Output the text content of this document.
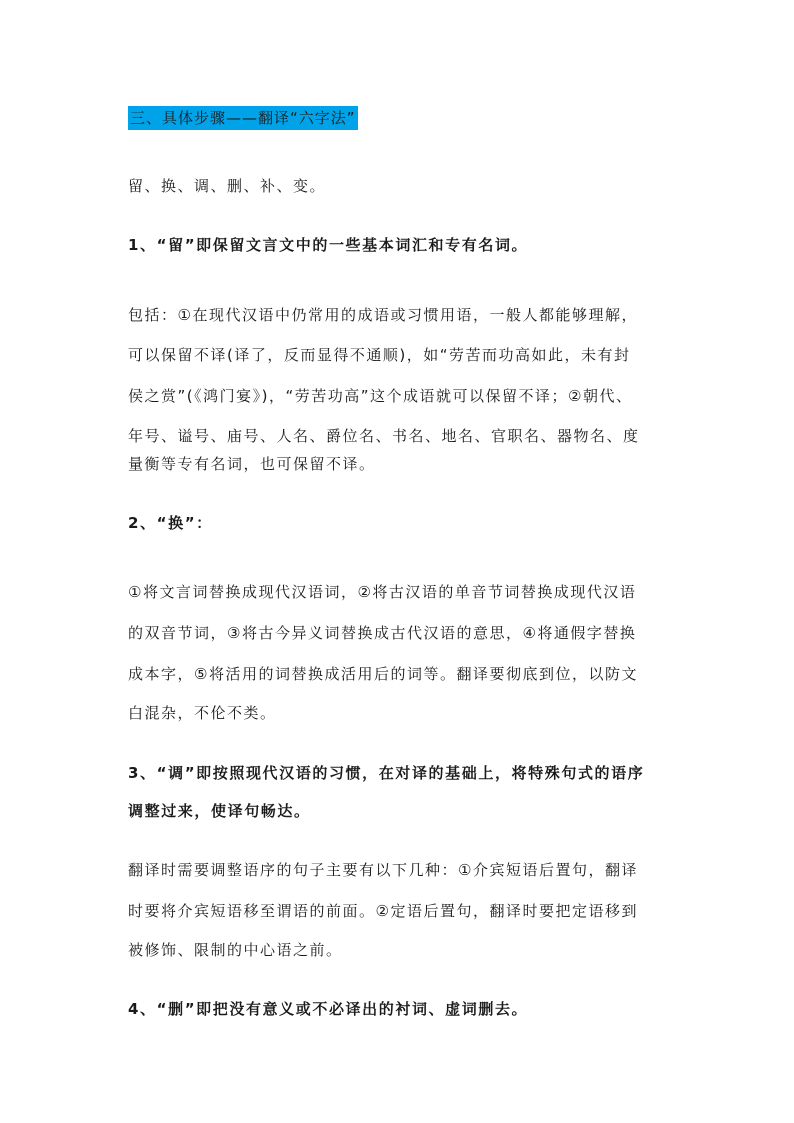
三、具体步骤——翻译“六字法”
留、换、调、删、补、变。
1、“留”即保留文言文中的一些基本词汇和专有名词。
包括：①在现代汉语中仍常用的成语或习惯用语，一般人都能够理解，
可以保留不译(译了，反而显得不通顺)，如“劳苦而功高如此，未有封
侯之赏”(《鸿门宴》)，“劳苦功高”这个成语就可以保留不译；②朝代、
年号、谥号、庙号、人名、爵位名、书名、地名、官职名、器物名、度
量衡等专有名词，也可保留不译。
2、“换”：
①将文言词替换成现代汉语词，②将古汉语的单音节词替换成现代汉语
的双音节词，③将古今异义词替换成古代汉语的意思，④将通假字替换
成本字，⑤将活用的词替换成活用后的词等。翻译要彻底到位，以防文
白混杂，不伦不类。
3、“调”即按照现代汉语的习惯，在对译的基础上，将特殊句式的语序
调整过来，使译句畅达。
翻译时需要调整语序的句子主要有以下几种：①介宾短语后置句，翻译
时要将介宾短语移至谓语的前面。②定语后置句，翻译时要把定语移到
被修饰、限制的中心语之前。
4、“删”即把没有意义或不必译出的衬词、虚词删去。
